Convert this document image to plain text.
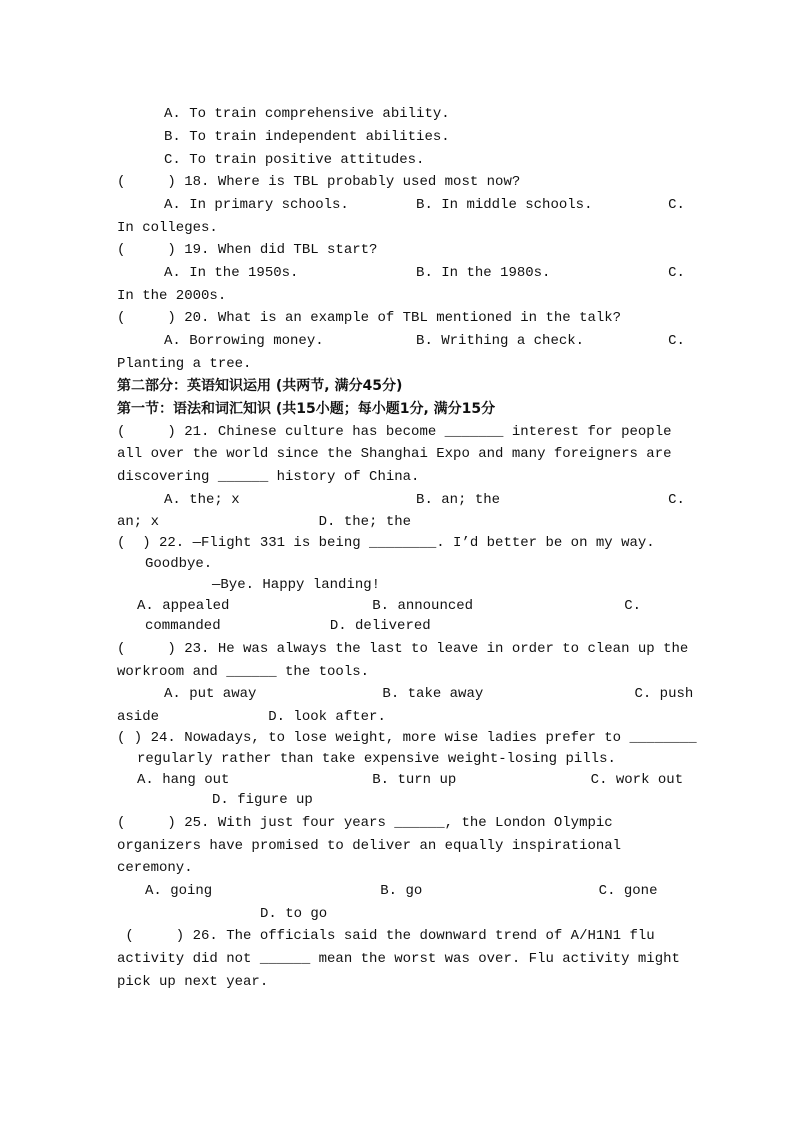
A. To train comprehensive ability.
B. To train independent abilities.
C. To train positive attitudes.
(     ) 18. Where is TBL probably used most now?
A. In primary schools.        B. In middle schools.         C.
In colleges.
(     ) 19. When did TBL start?
A. In the 1950s.              B. In the 1980s.              C.
In the 2000s.
(     ) 20. What is an example of TBL mentioned in the talk?
A. Borrowing money.           B. Writhing a check.          C.
Planting a tree.
第二部分：英语知识运用 (共两节, 满分45分)
第一节：语法和词汇知识 (共15小题；每小题1分, 满分15分
(     ) 21. Chinese culture has become _______ interest for people
all over the world since the Shanghai Expo and many foreigners are
discovering ______ history of China.
A. the; x                     B. an; the                    C.
an; x                   D. the; the
(  ) 22. —Flight 331 is being ________. I’d better be on my way.
Goodbye.
—Bye. Happy landing!
A. appealed                 B. announced                  C.
commanded             D. delivered
(     ) 23. He was always the last to leave in order to clean up the
workroom and ______ the tools.
A. put away               B. take away                  C. push
aside             D. look after.
( ) 24. Nowadays, to lose weight, more wise ladies prefer to ________
regularly rather than take expensive weight-losing pills.
A. hang out                 B. turn up                C. work out
D. figure up
(     ) 25. With just four years ______, the London Olympic
organizers have promised to deliver an equally inspirational
ceremony.
A. going                    B. go                     C. gone
D. to go
(     ) 26. The officials said the downward trend of A/H1N1 flu
activity did not ______ mean the worst was over. Flu activity might
pick up next year.
